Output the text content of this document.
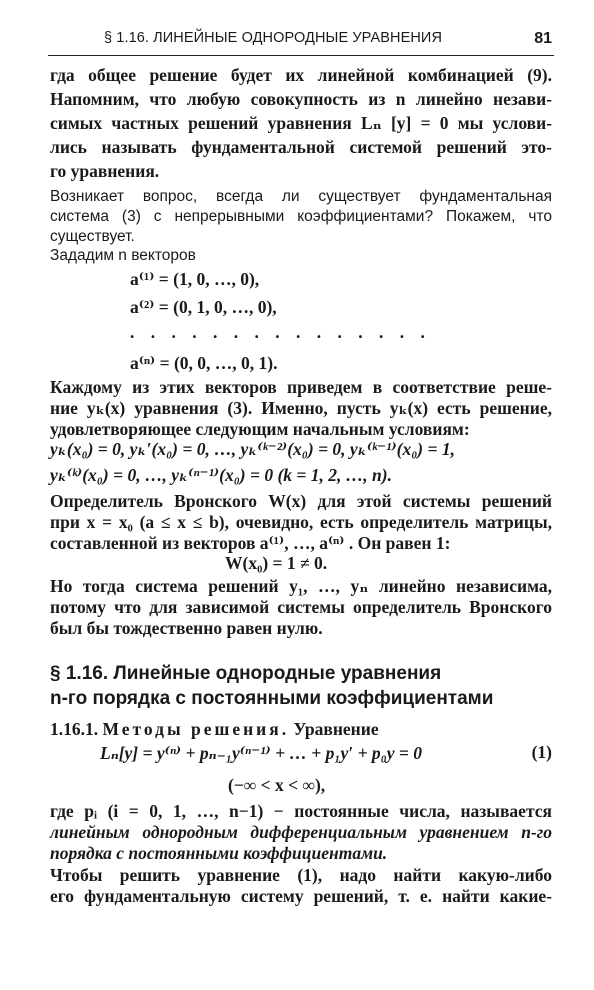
§ 1.16. ЛИНЕЙНЫЕ ОДНОРОДНЫЕ УРАВНЕНИЯ	81
гда общее решение будет их линейной комбинацией (9).
Напомним, что любую совокупность из n линейно незави-
симых частных решений уравнения Lₙ [y] = 0 мы услови-
лись называть фундаментальной системой решений это-
го уравнения.
Возникает вопрос, всегда ли существует фундаментальная
система (3) с непрерывными коэффициентами? Покажем, что
существует.
Зададим n векторов
a⁽¹⁾ = (1, 0, …, 0),
a⁽²⁾ = (0, 1, 0, …, 0),
. . . . . . . . . . . . . . .
a⁽ⁿ⁾ = (0, 0, …, 0, 1).
Каждому из этих векторов приведем в соответствие реше-
ние yₖ(x) уравнения (3). Именно, пусть yₖ(x) есть решение,
удовлетворяющее следующим начальным условиям:
yₖ(x₀) = 0, yₖ′(x₀) = 0, …, yₖ⁽ᵏ⁻²⁾(x₀) = 0, yₖ⁽ᵏ⁻¹⁾(x₀) = 1,
yₖ⁽ᵏ⁾(x₀) = 0, …, yₖ⁽ⁿ⁻¹⁾(x₀) = 0 (k = 1, 2, …, n).
Определитель Вронского W(x) для этой системы решений
при x = x₀ (a ≤ x ≤ b), очевидно, есть определитель матрицы,
составленной из векторов a⁽¹⁾, …, a⁽ⁿ⁾ . Он равен 1:
W(x₀) = 1 ≠ 0.
Но тогда система решений y₁, …, yₙ линейно независима,
потому что для зависимой системы определитель Вронского
был бы тождественно равен нулю.
§ 1.16. Линейные однородные уравнения
n-го порядка с постоянными коэффициентами
1.16.1. Методы решения. Уравнение
Lₙ[y] = y⁽ⁿ⁾ + pₙ₋₁y⁽ⁿ⁻¹⁾ + … + p₁y′ + p₀y = 0	(1)
(−∞ < x < ∞),
где pᵢ (i = 0, 1, …, n−1) − постоянные числа, называется
линейным однородным дифференциальным уравнением n-го
порядка с постоянными коэффициентами.
Чтобы решить уравнение (1), надо найти какую-либо
его фундаментальную систему решений, т. е. найти какие-
